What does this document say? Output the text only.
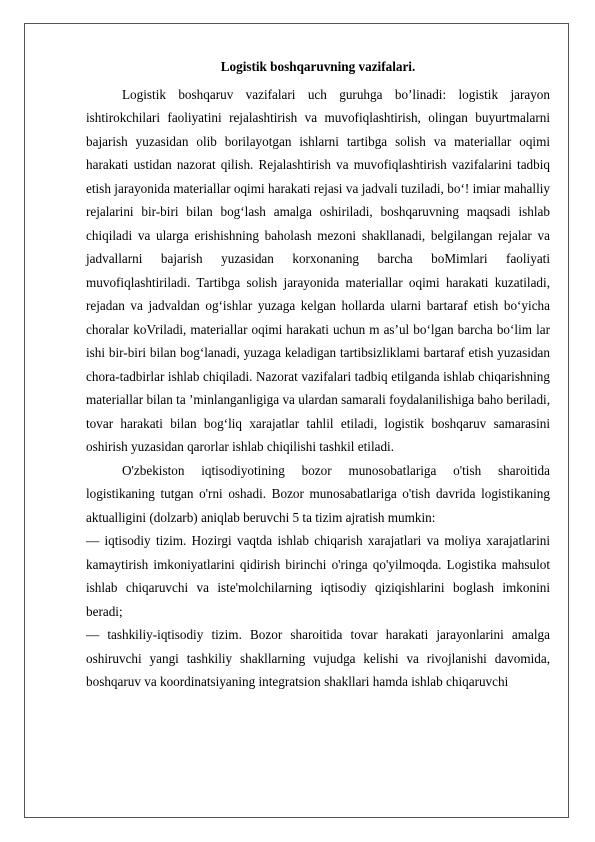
Logistik boshqaruvning vazifalari.

Logistik boshqaruv vazifalari uch guruhga bo’linadi: logistik jarayon ishtirokchilari faoliyatini rejalashtirish va muvofiqlashtirish, olingan buyurtmalarni bajarish yuzasidan olib borilayotgan ishlarni tartibga solish va materiallar oqimi harakati ustidan nazorat qilish. Rejalashtirish va muvofiqlashtirish vazifalarini tadbiq etish jarayonida materiallar oqimi harakati rejasi va jadvali tuziladi, bo‘! imiar mahalliy rejalarini bir-biri bilan bog‘lash amalga oshiriladi, boshqaruvning maqsadi ishlab chiqiladi va ularga erishishning baholash mezoni shakllanadi, belgilangan rejalar va jadvallarni bajarish yuzasidan korxonaning barcha boMimlari faoliyati muvofiqlashtiriladi. Tartibga solish jarayonida materiallar oqimi harakati kuzatiladi, rejadan va jadvaldan og‘ishlar yuzaga kelgan hollarda ularni bartaraf etish bo‘yicha choralar koVriladi, materiallar oqimi harakati uchun m as’ul bo‘lgan barcha bo‘lim lar ishi bir-biri bilan bog‘lanadi, yuzaga keladigan tartibsizliklami bartaraf etish yuzasidan chora-tadbirlar ishlab chiqiladi. Nazorat vazifalari tadbiq etilganda ishlab chiqarishning materiallar bilan ta ’minlanganligiga va ulardan samarali foydalanilishiga baho beriladi, tovar harakati bilan bog‘liq xarajatlar tahlil etiladi, logistik boshqaruv samarasini oshirish yuzasidan qarorlar ishlab chiqilishi tashkil etiladi.

O'zbekiston iqtisodiyotining bozor munosobatlariga o'tish sharoitida logistikaning tutgan o'rni oshadi. Bozor munosabatlariga o'tish davrida logistikaning aktualligini (dolzarb) aniqlab beruvchi 5 ta tizim ajratish mumkin:

— iqtisodiy tizim. Hozirgi vaqtda ishlab chiqarish xarajatlari va moliya xarajatlarini kamaytirish imkoniyatlarini qidirish birinchi o'ringa qo'yilmoqda. Logistika mahsulot ishlab chiqaruvchi va iste'molchilarning iqtisodiy qiziqishlarini boglash imkonini beradi;

— tashkiliy-iqtisodiy tizim. Bozor sharoitida tovar harakati jarayonlarini amalga oshiruvchi yangi tashkiliy shakllarning vujudga kelishi va rivojlanishi davomida, boshqaruv va koordinatsiyaning integratsion shakllari hamda ishlab chiqaruvchi
